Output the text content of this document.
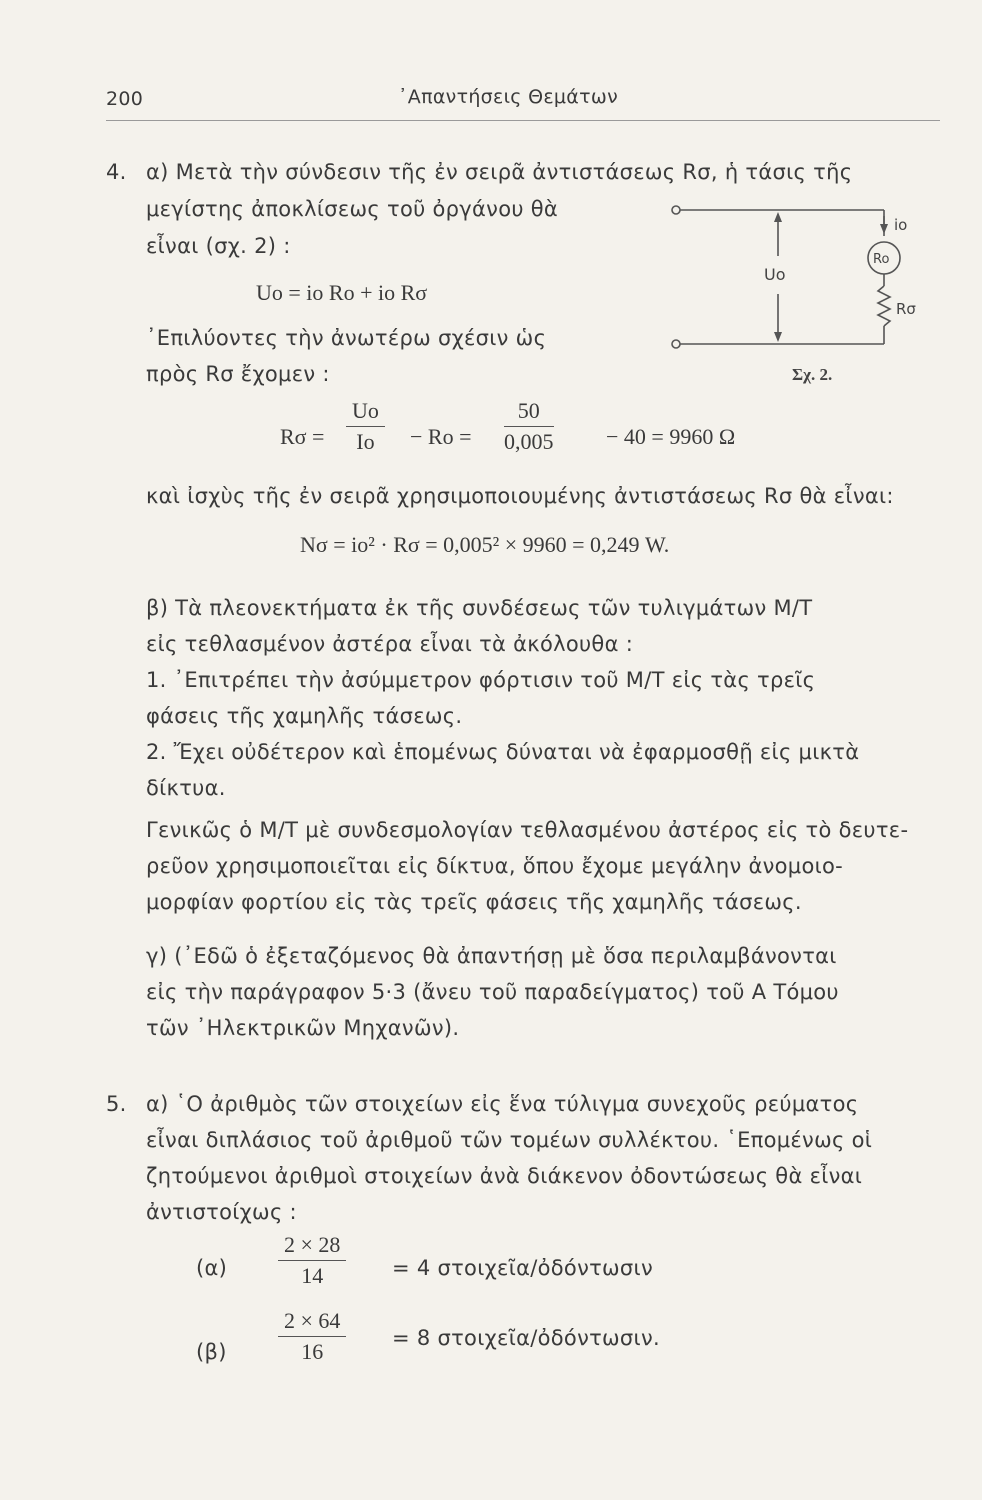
200	᾿Απαντήσεις Θεμάτων
4. α) Μετὰ τὴν σύνδεσιν τῆς ἐν σειρᾶ ἀντιστάσεως Rσ, ἡ τάσις τῆς
μεγίστης ἀποκλίσεως τοῦ ὀργάνου θὰ
εἶναι (σχ. 2) :
Uο = iο Rο + iο Rσ
᾿Επιλύοντες τὴν ἀνωτέρω σχέσιν ὡς
πρὸς Rσ ἔχομεν :
io
Ro
Uo
Rσ
Σχ. 2.
$R\sigma = \frac{Uo}{Io} - Ro = \frac{50}{0,005} - 40 = 9960$ Ω
καὶ ἰσχὺς τῆς ἐν σειρᾶ χρησιμοποιουμένης ἀντιστάσεως Rσ θὰ εἶναι:
Nσ = iο² · Rσ = 0,005² × 9960 = 0,249 W.
β) Τὰ πλεονεκτήματα ἐκ τῆς συνδέσεως τῶν τυλιγμάτων M/T
εἰς τεθλασμένον ἀστέρα εἶναι τὰ ἀκόλουθα :
1. ᾿Επιτρέπει τὴν ἀσύμμετρον φόρτισιν τοῦ M/T εἰς τὰς τρεῖς
φάσεις τῆς χαμηλῆς τάσεως.
2. Ἔχει οὐδέτερον καὶ ἑπομένως δύναται νὰ ἐφαρμοσθῇ εἰς μικτὰ
δίκτυα.
Γενικῶς ὁ M/T μὲ συνδεσμολογίαν τεθλασμένου ἀστέρος εἰς τὸ δευτε-
ρεῦον χρησιμοποιεῖται εἰς δίκτυα, ὅπου ἔχομε μεγάλην ἀνομοιο-
μορφίαν φορτίου εἰς τὰς τρεῖς φάσεις τῆς χαμηλῆς τάσεως.
γ) (᾿Εδῶ ὁ ἐξεταζόμενος θὰ ἀπαντήσῃ μὲ ὅσα περιλαμβάνονται
εἰς τὴν παράγραφον 5·3 (ἄνευ τοῦ παραδείγματος) τοῦ Α Τόμου
τῶν ᾿Ηλεκτρικῶν Μηχανῶν).
5. α) ῾Ο ἀριθμὸς τῶν στοιχείων εἰς ἕνα τύλιγμα συνεχοῦς ρεύματος
εἶναι διπλάσιος τοῦ ἀριθμοῦ τῶν τομέων συλλέκτου. ῾Επομένως οἱ
ζητούμενοι ἀριθμοὶ στοιχείων ἀνὰ διάκενον ὀδοντώσεως θὰ εἶναι
ἀντιστοίχως :
$(\alpha) \frac{2 \times 28}{14} = 4$ στοιχεῖα/ὀδόντωσιν
$(\beta) \frac{2 \times 64}{16} = 8$ στοιχεῖα/ὀδόντωσιν.
